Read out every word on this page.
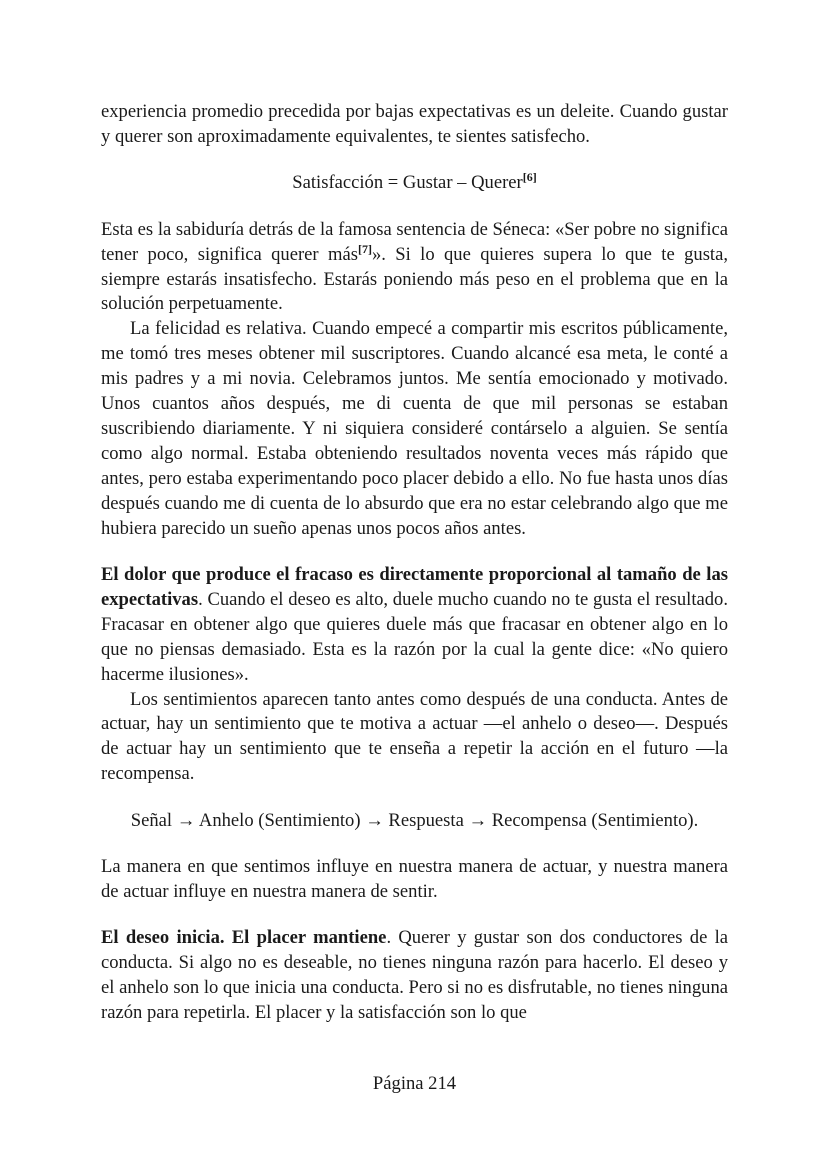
experiencia promedio precedida por bajas expectativas es un deleite. Cuando gustar y querer son aproximadamente equivalentes, te sientes satisfecho.

Satisfacción = Gustar – Querer[6]

Esta es la sabiduría detrás de la famosa sentencia de Séneca: «Ser pobre no significa tener poco, significa querer más[7]». Si lo que quieres supera lo que te gusta, siempre estarás insatisfecho. Estarás poniendo más peso en el problema que en la solución perpetuamente.

La felicidad es relativa. Cuando empecé a compartir mis escritos públicamente, me tomó tres meses obtener mil suscriptores. Cuando alcancé esa meta, le conté a mis padres y a mi novia. Celebramos juntos. Me sentía emocionado y motivado. Unos cuantos años después, me di cuenta de que mil personas se estaban suscribiendo diariamente. Y ni siquiera consideré contárselo a alguien. Se sentía como algo normal. Estaba obteniendo resultados noventa veces más rápido que antes, pero estaba experimentando poco placer debido a ello. No fue hasta unos días después cuando me di cuenta de lo absurdo que era no estar celebrando algo que me hubiera parecido un sueño apenas unos pocos años antes.

El dolor que produce el fracaso es directamente proporcional al tamaño de las expectativas. Cuando el deseo es alto, duele mucho cuando no te gusta el resultado. Fracasar en obtener algo que quieres duele más que fracasar en obtener algo en lo que no piensas demasiado. Esta es la razón por la cual la gente dice: «No quiero hacerme ilusiones».

Los sentimientos aparecen tanto antes como después de una conducta. Antes de actuar, hay un sentimiento que te motiva a actuar —el anhelo o deseo—. Después de actuar hay un sentimiento que te enseña a repetir la acción en el futuro —la recompensa.

Señal → Anhelo (Sentimiento) → Respuesta → Recompensa (Sentimiento).

La manera en que sentimos influye en nuestra manera de actuar, y nuestra manera de actuar influye en nuestra manera de sentir.

El deseo inicia. El placer mantiene. Querer y gustar son dos conductores de la conducta. Si algo no es deseable, no tienes ninguna razón para hacerlo. El deseo y el anhelo son lo que inicia una conducta. Pero si no es disfrutable, no tienes ninguna razón para repetirla. El placer y la satisfacción son lo que

Página 214
